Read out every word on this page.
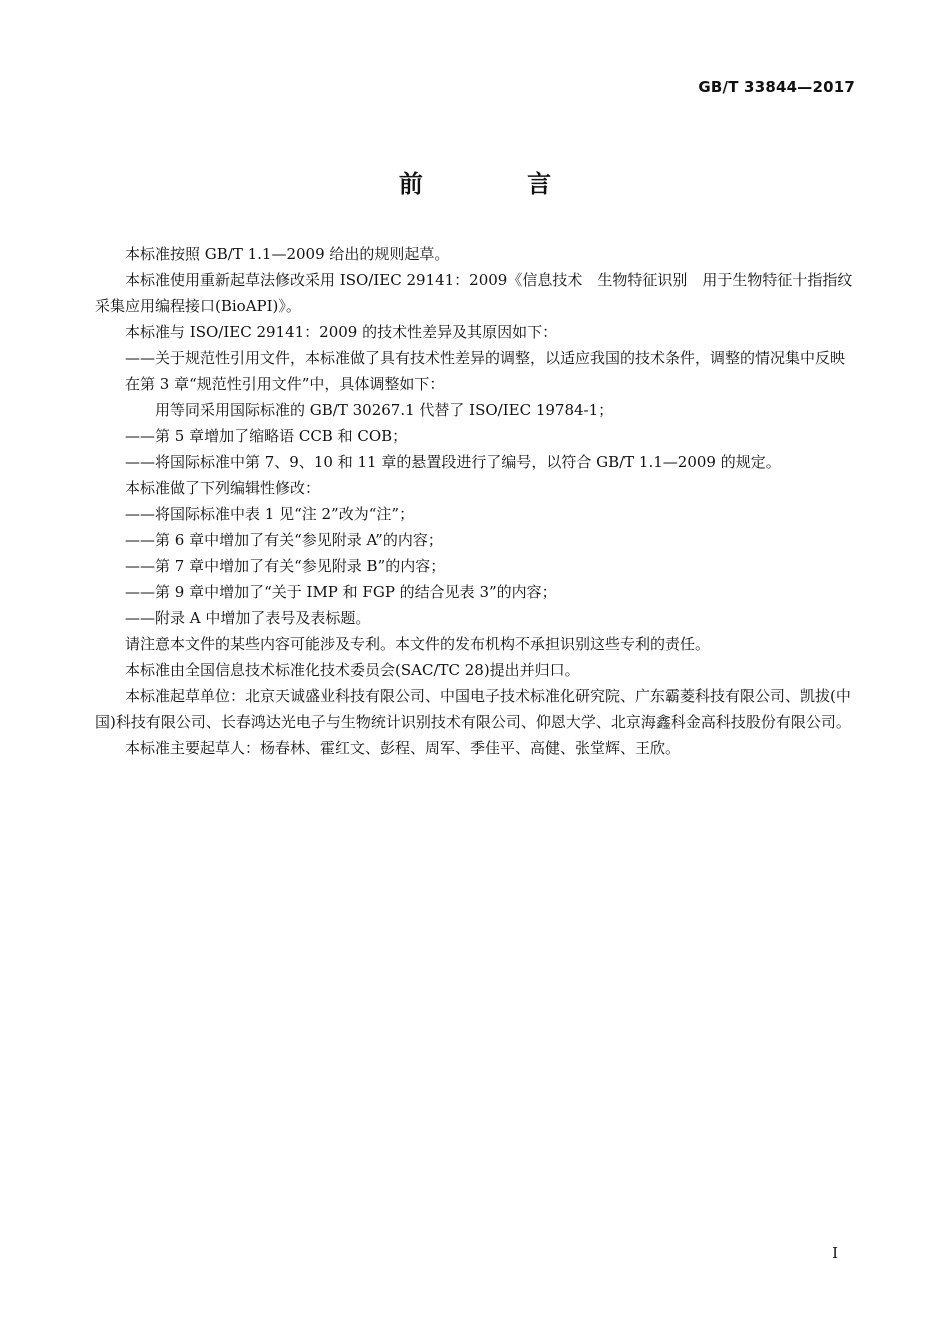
GB/T 33844—2017
前 言

本标准按照 GB/T 1.1—2009 给出的规则起草。

本标准使用重新起草法修改采用 ISO/IEC 29141：2009《信息技术　生物特征识别　用于生物特征十指指纹采集应用编程接口(BioAPI)》。

本标准与 ISO/IEC 29141：2009 的技术性差异及其原因如下：

——关于规范性引用文件，本标准做了具有技术性差异的调整，以适应我国的技术条件，调整的情况集中反映在第 3 章“规范性引用文件”中，具体调整如下：

用等同采用国际标准的 GB/T 30267.1 代替了 ISO/IEC 19784-1；

——第 5 章增加了缩略语 CCB 和 COB；

——将国际标准中第 7、9、10 和 11 章的悬置段进行了编号，以符合 GB/T 1.1—2009 的规定。

本标准做了下列编辑性修改：

——将国际标准中表 1 见“注 2”改为“注”；

——第 6 章中增加了有关“参见附录 A”的内容；

——第 7 章中增加了有关“参见附录 B”的内容；

——第 9 章中增加了“关于 IMP 和 FGP 的结合见表 3”的内容；

——附录 A 中增加了表号及表标题。

请注意本文件的某些内容可能涉及专利。本文件的发布机构不承担识别这些专利的责任。

本标准由全国信息技术标准化技术委员会(SAC/TC 28)提出并归口。

本标准起草单位：北京天诚盛业科技有限公司、中国电子技术标准化研究院、广东霸菱科技有限公司、凯拔(中国)科技有限公司、长春鸿达光电子与生物统计识别技术有限公司、仰恩大学、北京海鑫科金高科技股份有限公司。

本标准主要起草人：杨春林、霍红文、彭程、周军、季佳平、高健、张堂辉、王欣。

I
